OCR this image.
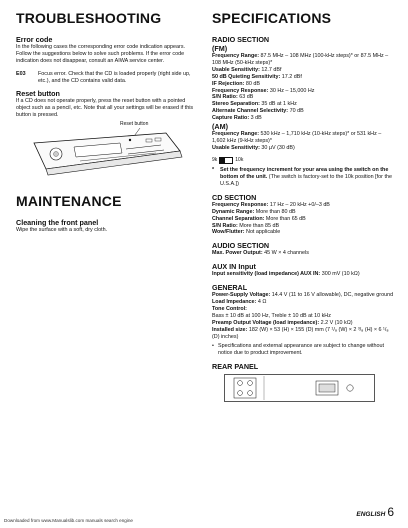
TROUBLESHOOTING

Error code

In the following cases the corresponding error code indication appears. Follow the suggestions below to solve such problems. If the error code indication does not disappear, consult an AIWA service center.

E03	Focus error. Check that the CD is loaded properly (right side up, etc.), and the CD contains valid data.

Reset button

If a CD does not operate properly, press the reset button with a pointed object such as a pencil, etc. Note that all your settings will be erased if this button is pressed.

Reset button
MAINTENANCE

Cleaning the front panel

Wipe the surface with a soft, dry cloth.

SPECIFICATIONS

RADIO SECTION

(FM)

Frequency Range: 87.5 MHz – 108 MHz (100-kHz steps)* or 87.5 MHz – 108 MHz (50-kHz steps)*

Usable Sensitivity: 12.7 dBf

50 dB Quieting Sensitivity: 17.2 dBf

IF Rejection: 80 dB

Frequency Response: 30 Hz – 15,000 Hz

S/N Ratio: 63 dB

Stereo Separation: 35 dB at 1 kHz

Alternate Channel Selectivity: 70 dB

Capture Ratio: 3 dB

(AM)

Frequency Range: 530 kHz – 1,710 kHz (10-kHz steps)* or 531 kHz – 1,602 kHz (9-kHz steps)*

Usable Sensitivity: 30 µV (30 dB)

9k	10k
*	Set the frequency increment for your area using the switch on the bottom of the unit. (The switch is factory-set to the 10k position [for the U.S.A.])

CD SECTION

Frequency Response: 17 Hz – 20 kHz +0/–3 dB

Dynamic Range: More than 80 dB

Channel Separation: More than 65 dB

S/N Ratio: More than 85 dB

Wow/Flutter: Not applicable

AUDIO SECTION

Max. Power Output: 45 W × 4 channels

AUX IN Input

Input sensitivity (load impedance) AUX IN: 300 mV (10 kΩ)

GENERAL

Power-Supply Voltage: 14.4 V (11 to 16 V allowable), DC, negative ground

Load Impedance: 4 Ω

Tone Control:

Bass ± 10 dB at 100 Hz, Treble ± 10 dB at 10 kHz

Preamp Output Voltage (load impedance): 2.2 V (10 kΩ)

Installed size: 182 (W) × 53 (H) × 155 (D) mm (7 ¹/₈ (W) × 2 ³/₈ (H) × 6 ¹/₈ (D) inches)

• Specifications and external appearance are subject to change without notice due to product improvement.

REAR PANEL

Downloaded from www.Manualslib.com manuals search engine
ENGLISH 6
